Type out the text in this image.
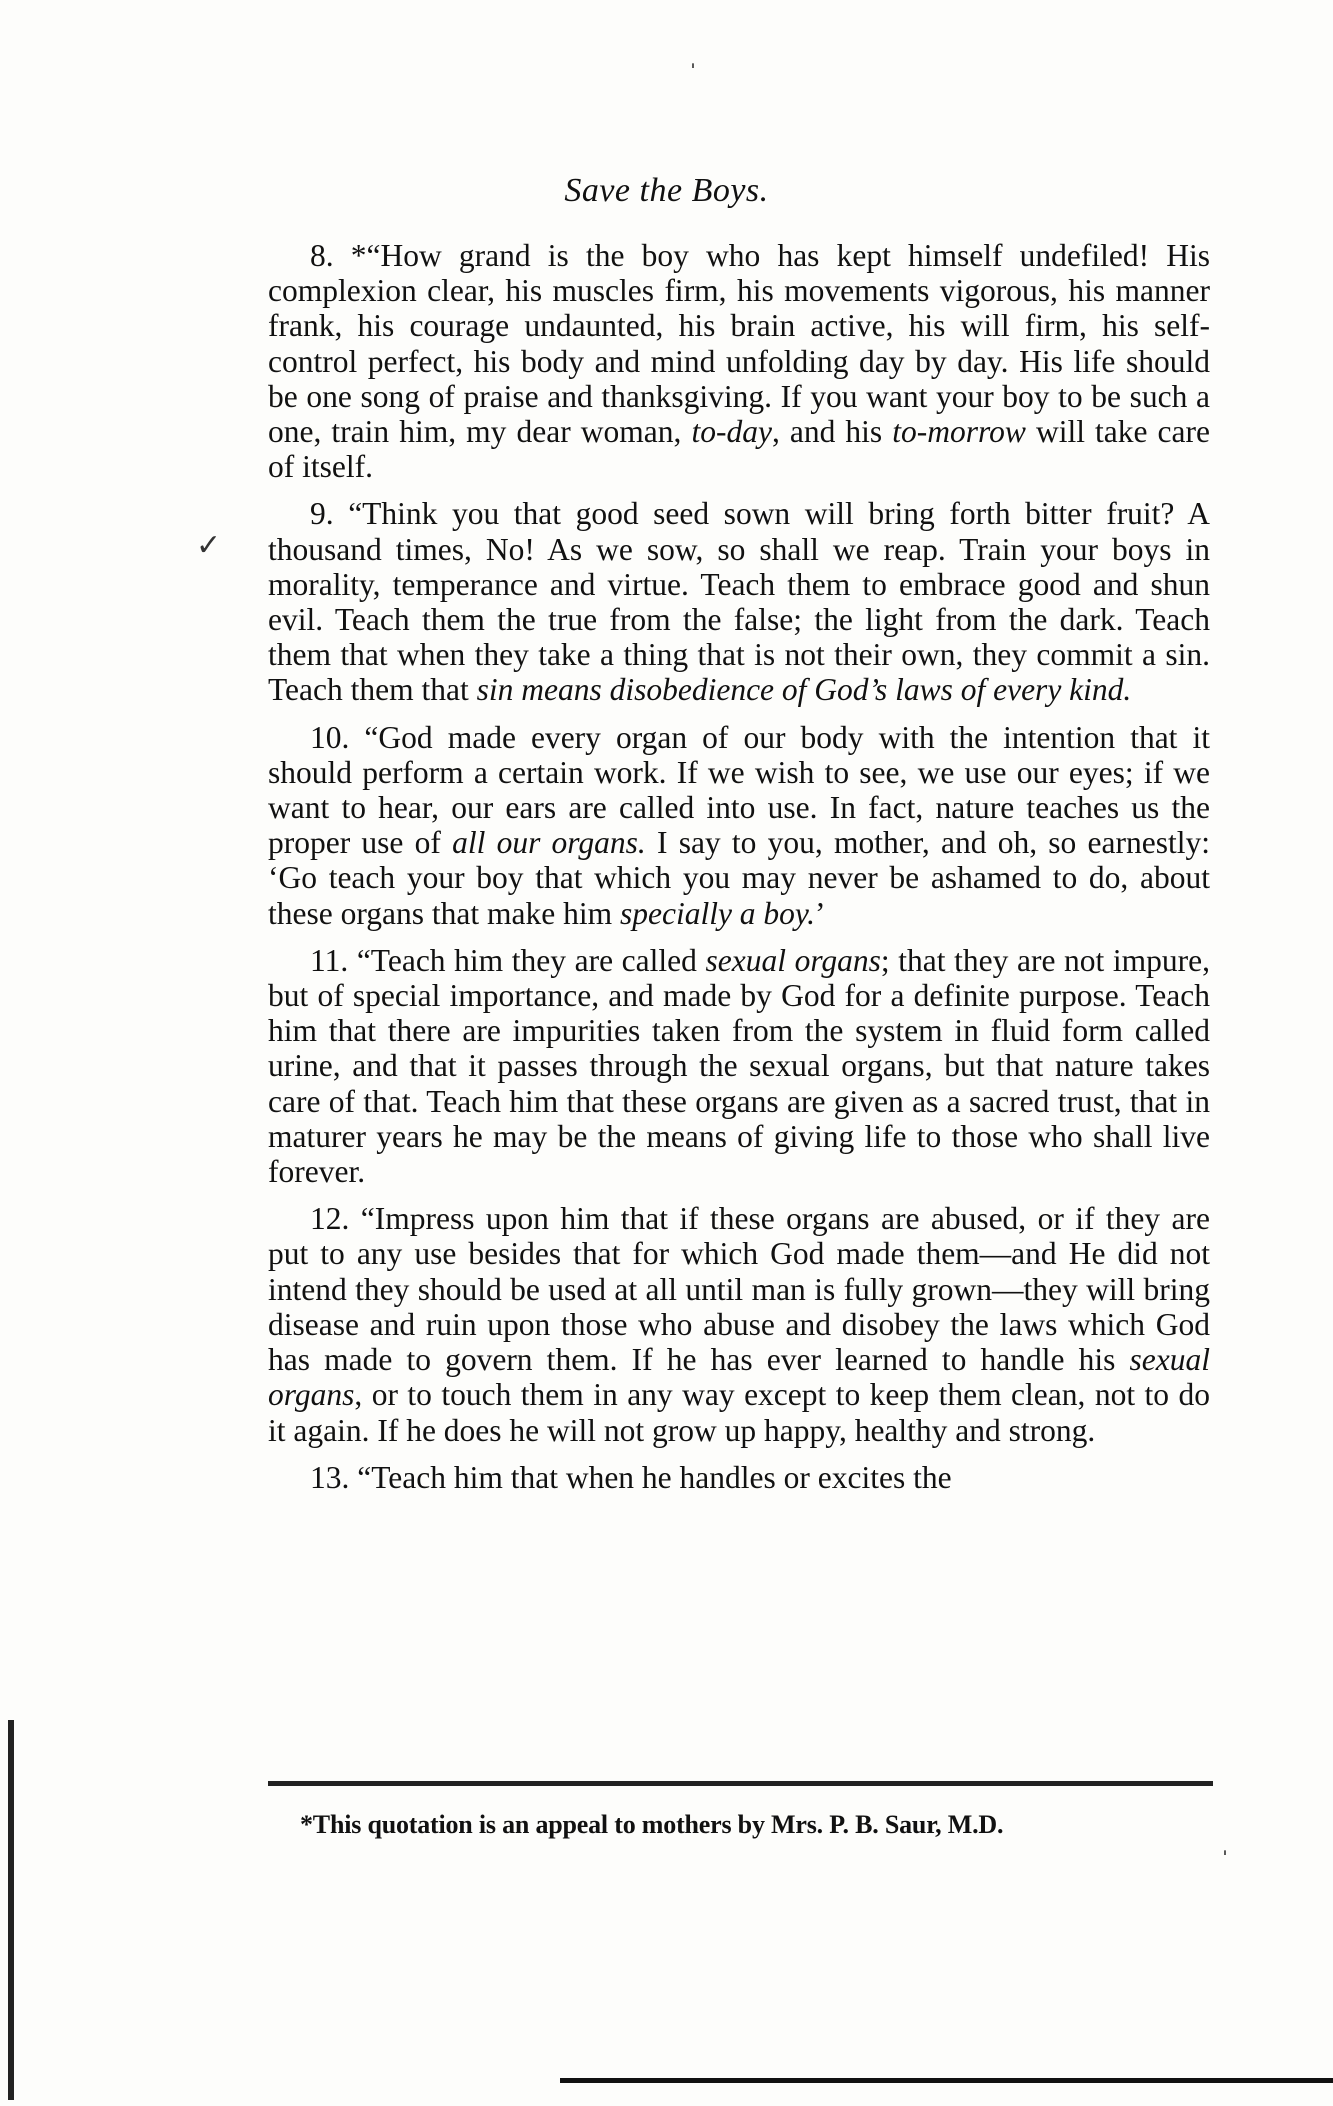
Save the Boys.

8. *“How grand is the boy who has kept himself undefiled! His complexion clear, his muscles firm, his movements vigorous, his manner frank, his courage undaunted, his brain active, his will firm, his self-control perfect, his body and mind unfolding day by day. His life should be one song of praise and thanksgiving. If you want your boy to be such a one, train him, my dear woman, to-day, and his to-morrow will take care of itself.

9. “Think you that good seed sown will bring forth bitter fruit? A thousand times, No! As we sow, so shall we reap. Train your boys in morality, temperance and virtue. Teach them to embrace good and shun evil. Teach them the true from the false; the light from the dark. Teach them that when they take a thing that is not their own, they commit a sin. Teach them that sin means disobedience of God’s laws of every kind.

10. “God made every organ of our body with the intention that it should perform a certain work. If we wish to see, we use our eyes; if we want to hear, our ears are called into use. In fact, nature teaches us the proper use of all our organs. I say to you, mother, and oh, so earnestly: ‘Go teach your boy that which you may never be ashamed to do, about these organs that make him specially a boy.’

11. “Teach him they are called sexual organs; that they are not impure, but of special importance, and made by God for a definite purpose. Teach him that there are impurities taken from the system in fluid form called urine, and that it passes through the sexual organs, but that nature takes care of that. Teach him that these organs are given as a sacred trust, that in maturer years he may be the means of giving life to those who shall live forever.

12. “Impress upon him that if these organs are abused, or if they are put to any use besides that for which God made them—and He did not intend they should be used at all until man is fully grown—they will bring disease and ruin upon those who abuse and disobey the laws which God has made to govern them. If he has ever learned to handle his sexual organs, or to touch them in any way except to keep them clean, not to do it again. If he does he will not grow up happy, healthy and strong.

13. “Teach him that when he handles or excites the

*This quotation is an appeal to mothers by Mrs. P. B. Saur, M.D.
ˈ
✓
ˈ
